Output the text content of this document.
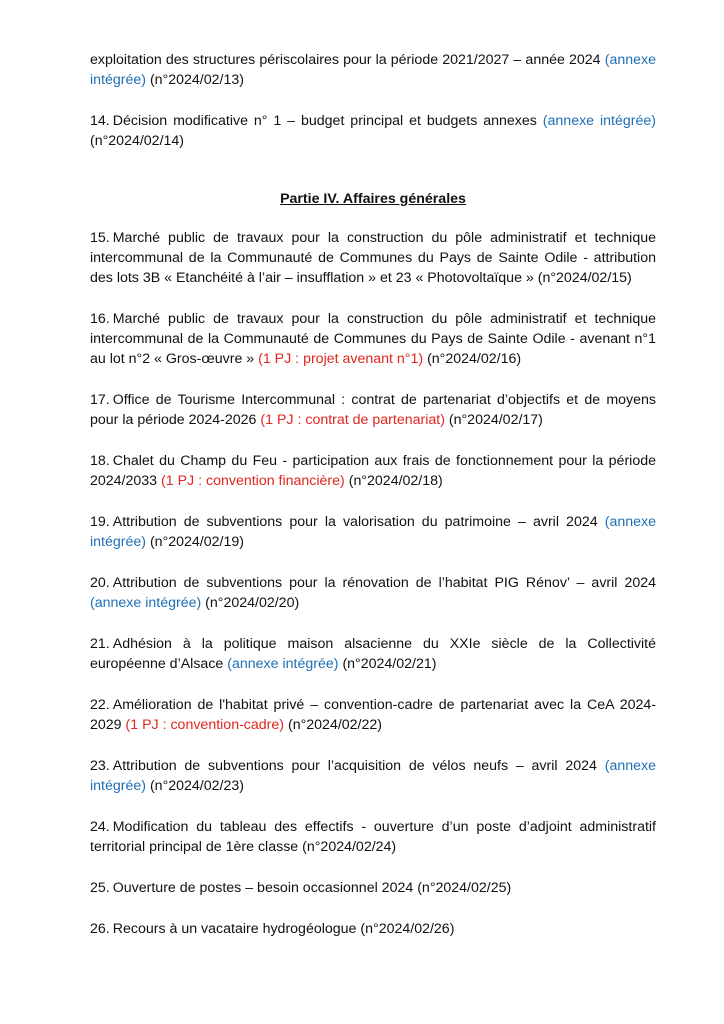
exploitation des structures périscolaires pour la période 2021/2027 – année 2024 (annexe intégrée) (n°2024/02/13)

14. Décision modificative n° 1 – budget principal et budgets annexes (annexe intégrée) (n°2024/02/14)

Partie IV. Affaires générales

15. Marché public de travaux pour la construction du pôle administratif et technique intercommunal de la Communauté de Communes du Pays de Sainte Odile - attribution des lots 3B « Etanchéité à l’air – insufflation » et 23 « Photovoltaïque » (n°2024/02/15)

16. Marché public de travaux pour la construction du pôle administratif et technique intercommunal de la Communauté de Communes du Pays de Sainte Odile - avenant n°1 au lot n°2 « Gros-œuvre » (1 PJ : projet avenant n°1) (n°2024/02/16)

17. Office de Tourisme Intercommunal : contrat de partenariat d’objectifs et de moyens pour la période 2024-2026 (1 PJ : contrat de partenariat) (n°2024/02/17)

18. Chalet du Champ du Feu - participation aux frais de fonctionnement pour la période 2024/2033 (1 PJ : convention financière) (n°2024/02/18)

19. Attribution de subventions pour la valorisation du patrimoine – avril 2024 (annexe intégrée) (n°2024/02/19)

20. Attribution de subventions pour la rénovation de l’habitat PIG Rénov’ – avril 2024 (annexe intégrée) (n°2024/02/20)

21. Adhésion à la politique maison alsacienne du XXIe siècle de la Collectivité européenne d’Alsace (annexe intégrée) (n°2024/02/21)

22. Amélioration de l'habitat privé – convention-cadre de partenariat avec la CeA 2024-2029 (1 PJ : convention-cadre) (n°2024/02/22)

23. Attribution de subventions pour l’acquisition de vélos neufs – avril 2024 (annexe intégrée) (n°2024/02/23)

24. Modification du tableau des effectifs - ouverture d’un poste d’adjoint administratif territorial principal de 1ère classe (n°2024/02/24)

25. Ouverture de postes – besoin occasionnel 2024 (n°2024/02/25)

26. Recours à un vacataire hydrogéologue (n°2024/02/26)
